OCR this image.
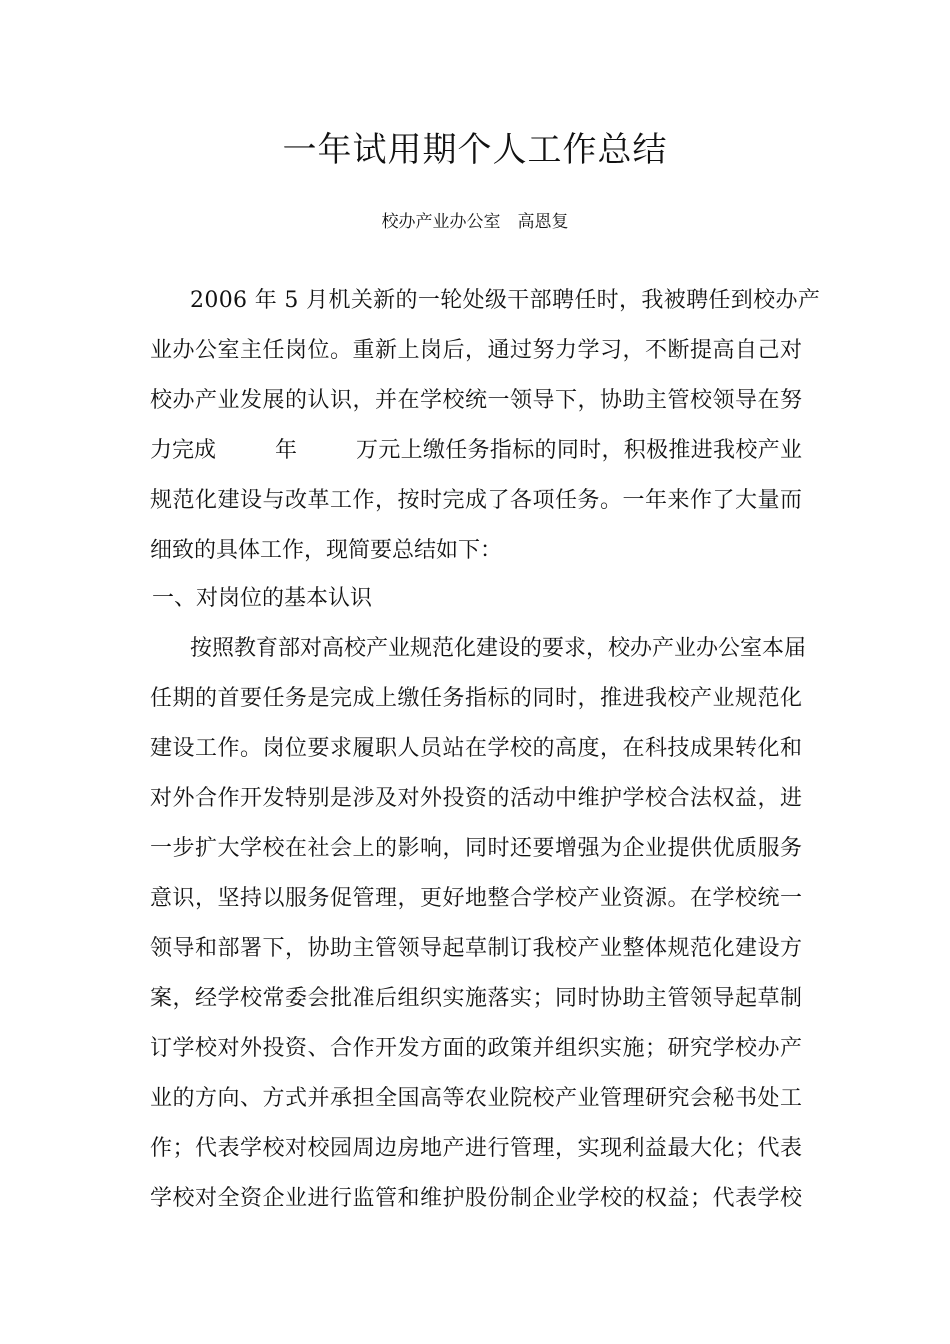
一年试用期个人工作总结
校办产业办公室　高恩复
2006 年 5 月机关新的一轮处级干部聘任时，我被聘任到校办产
业办公室主任岗位。重新上岗后，通过努力学习，不断提高自己对
校办产业发展的认识，并在学校统一领导下，协助主管校领导在努
力完成	年	万元上缴任务指标的同时，积极推进我校产业
规范化建设与改革工作，按时完成了各项任务。一年来作了大量而
细致的具体工作，现简要总结如下：
一、对岗位的基本认识
按照教育部对高校产业规范化建设的要求，校办产业办公室本届
任期的首要任务是完成上缴任务指标的同时，推进我校产业规范化
建设工作。岗位要求履职人员站在学校的高度，在科技成果转化和
对外合作开发特别是涉及对外投资的活动中维护学校合法权益，进
一步扩大学校在社会上的影响，同时还要增强为企业提供优质服务
意识，坚持以服务促管理，更好地整合学校产业资源。在学校统一
领导和部署下，协助主管领导起草制订我校产业整体规范化建设方
案，经学校常委会批准后组织实施落实；同时协助主管领导起草制
订学校对外投资、合作开发方面的政策并组织实施；研究学校办产
业的方向、方式并承担全国高等农业院校产业管理研究会秘书处工
作；代表学校对校园周边房地产进行管理，实现利益最大化；代表
学校对全资企业进行监管和维护股份制企业学校的权益；代表学校
